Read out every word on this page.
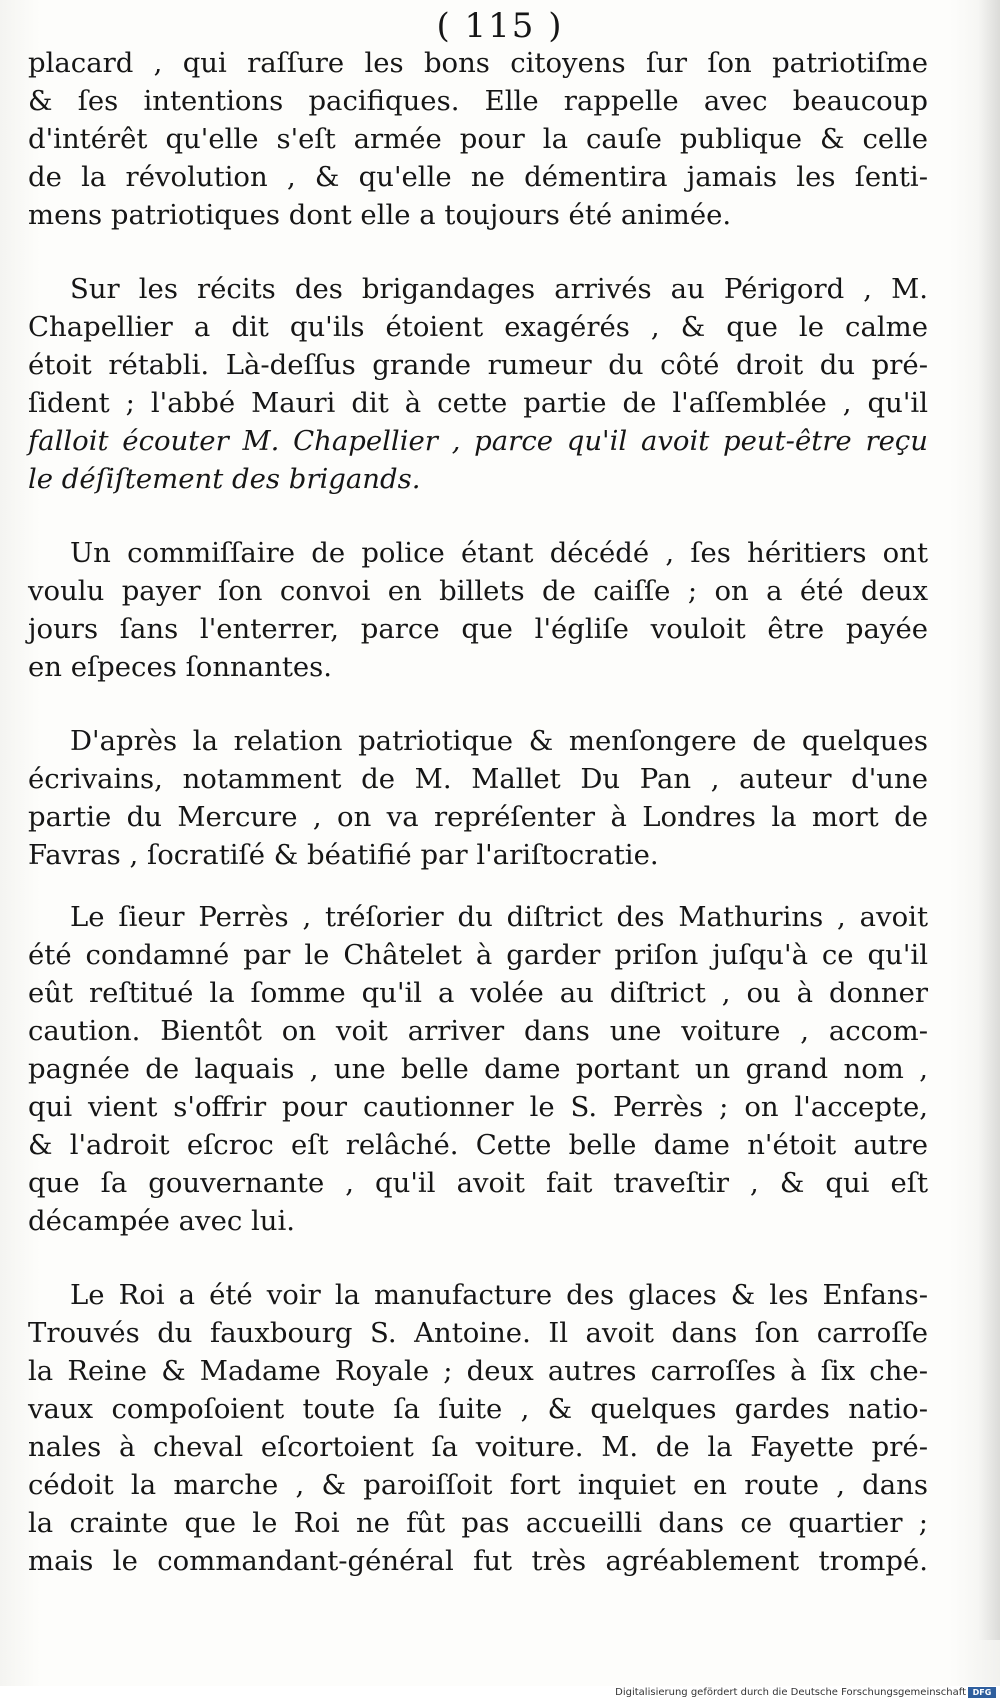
( 115 )

placard , qui raſſure les bons citoyens ſur ſon patriotiſme
& ſes intentions pacifiques. Elle rappelle avec beaucoup
d'intérêt qu'elle s'eſt armée pour la cauſe publique & celle
de la révolution , & qu'elle ne démentira jamais les ſenti-
mens patriotiques dont elle a toujours été animée.

Sur les récits des brigandages arrivés au Périgord , M.
Chapellier a dit qu'ils étoient exagérés , & que le calme
étoit rétabli. Là-deſſus grande rumeur du côté droit du pré-
ſident ; l'abbé Mauri dit à cette partie de l'aſſemblée , qu'il
falloit écouter M. Chapellier , parce qu'il avoit peut-être reçu
le déſiſtement des brigands.

Un commiſſaire de police étant décédé , ſes héritiers ont
voulu payer ſon convoi en billets de caiſſe ; on a été deux
jours ſans l'enterrer, parce que l'égliſe vouloit être payée
en eſpeces ſonnantes.

D'après la relation patriotique & menſongere de quelques
écrivains, notamment de M. Mallet Du Pan , auteur d'une
partie du Mercure , on va repréſenter à Londres la mort de
Favras , ſocratiſé & béatifié par l'ariſtocratie.

Le ſieur Perrès , tréſorier du diſtrict des Mathurins , avoit
été condamné par le Châtelet à garder priſon juſqu'à ce qu'il
eût reſtitué la ſomme qu'il a volée au diſtrict , ou à donner
caution. Bientôt on voit arriver dans une voiture , accom-
pagnée de laquais , une belle dame portant un grand nom ,
qui vient s'offrir pour cautionner le S. Perrès ; on l'accepte,
& l'adroit eſcroc eſt relâché. Cette belle dame n'étoit autre
que ſa gouvernante , qu'il avoit fait traveſtir , & qui eſt
décampée avec lui.

Le Roi a été voir la manufacture des glaces & les Enfans-
Trouvés du fauxbourg S. Antoine. Il avoit dans ſon carroſſe
la Reine & Madame Royale ; deux autres carroſſes à ſix che-
vaux compoſoient toute ſa ſuite , & quelques gardes natio-
nales à cheval eſcortoient ſa voiture. M. de la Fayette pré-
cédoit la marche , & paroiſſoit fort inquiet en route , dans
la crainte que le Roi ne fût pas accueilli dans ce quartier ;
mais le commandant-général fut très agréablement trompé.

Digitalisierung gefördert durch die Deutsche Forschungsgemeinschaft DFG
